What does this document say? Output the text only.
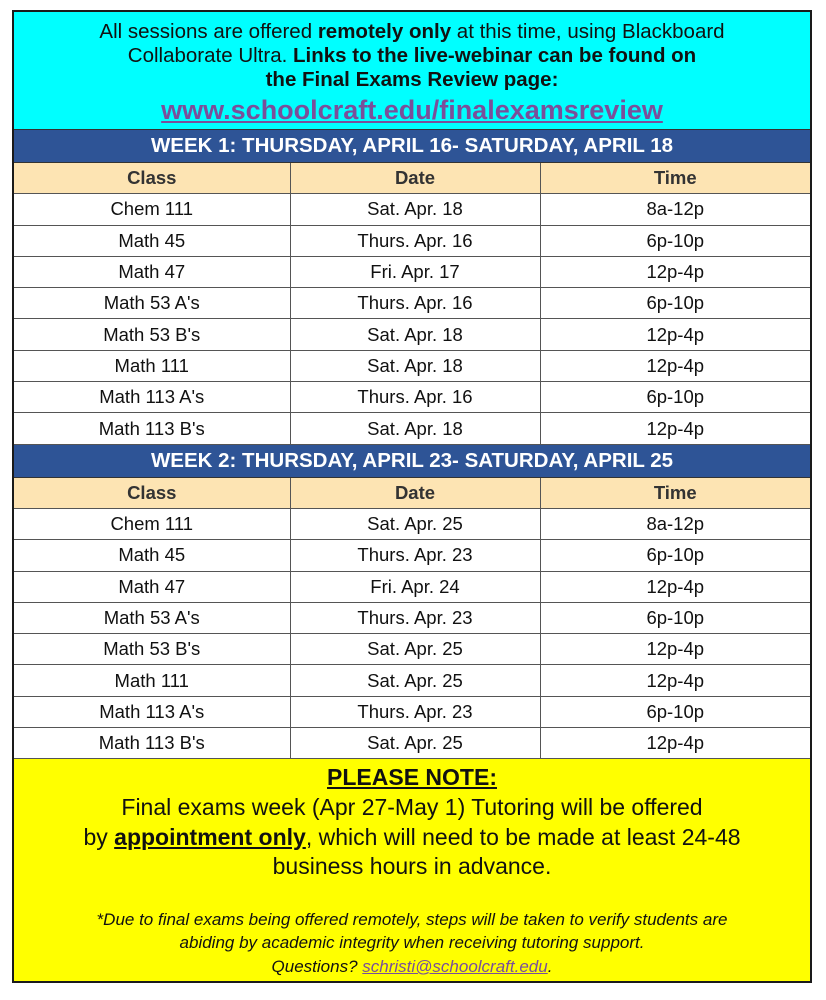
All sessions are offered remotely only at this time, using Blackboard

Collaborate Ultra. Links to the live-webinar can be found on

the Final Exams Review page:

www.schoolcraft.edu/finalexamsreview
WEEK 1: THURSDAY, APRIL 16- SATURDAY, APRIL 18
Class	Date	Time
Chem 111	Sat. Apr. 18	8a-12p
Math 45	Thurs. Apr. 16	6p-10p
Math 47	Fri. Apr. 17	12p-4p
Math 53 A's	Thurs. Apr. 16	6p-10p
Math 53 B's	Sat. Apr. 18	12p-4p
Math 111	Sat. Apr. 18	12p-4p
Math 113 A's	Thurs. Apr. 16	6p-10p
Math 113 B's	Sat. Apr. 18	12p-4p
WEEK 2: THURSDAY, APRIL 23- SATURDAY, APRIL 25
Class	Date	Time
Chem 111	Sat. Apr. 25	8a-12p
Math 45	Thurs. Apr. 23	6p-10p
Math 47	Fri. Apr. 24	12p-4p
Math 53 A's	Thurs. Apr. 23	6p-10p
Math 53 B's	Sat. Apr. 25	12p-4p
Math 111	Sat. Apr. 25	12p-4p
Math 113 A's	Thurs. Apr. 23	6p-10p
Math 113 B's	Sat. Apr. 25	12p-4p
PLEASE NOTE:
Final exams week (Apr 27-May 1) Tutoring will be offered
by appointment only, which will need to be made at least 24-48
business hours in advance.
*Due to final exams being offered remotely, steps will be taken to verify students are
abiding by academic integrity when receiving tutoring support.
Questions? schristi@schoolcraft.edu.
